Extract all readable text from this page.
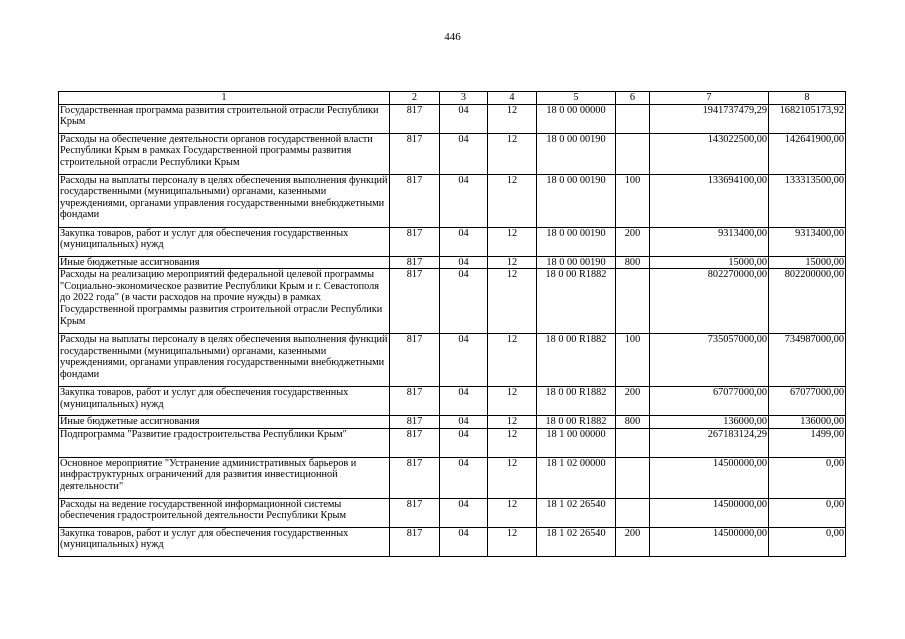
446
1	2	3	4	5	6	7	8
Государственная программа развития строительной отрасли Республики Крым	817	04	12	18 0 00 00000		1941737479,29	1682105173,92
Расходы на обеспечение деятельности органов государственной власти Республики Крым в рамках Государственной программы развития строительной отрасли Республики Крым	817	04	12	18 0 00 00190		143022500,00	142641900,00
Расходы на выплаты персоналу в целях обеспечения выполнения функций государственными (муниципальными) органами, казенными учреждениями, органами управления государственными внебюджетными фондами	817	04	12	18 0 00 00190	100	133694100,00	133313500,00
Закупка товаров, работ и услуг для обеспечения государственных (муниципальных) нужд	817	04	12	18 0 00 00190	200	9313400,00	9313400,00
Иные бюджетные ассигнования	817	04	12	18 0 00 00190	800	15000,00	15000,00
Расходы на реализацию мероприятий федеральной целевой программы "Социально-экономическое развитие Республики Крым и г. Севастополя до 2022 года" (в части расходов на прочие нужды) в рамках Государственной программы развития строительной отрасли Республики Крым	817	04	12	18 0 00 R1882		802270000,00	802200000,00
Расходы на выплаты персоналу в целях обеспечения выполнения функций государственными (муниципальными) органами, казенными учреждениями, органами управления государственными внебюджетными фондами	817	04	12	18 0 00 R1882	100	735057000,00	734987000,00
Закупка товаров, работ и услуг для обеспечения государственных (муниципальных) нужд	817	04	12	18 0 00 R1882	200	67077000,00	67077000,00
Иные бюджетные ассигнования	817	04	12	18 0 00 R1882	800	136000,00	136000,00
Подпрограмма "Развитие градостроительства Республики Крым"	817	04	12	18 1 00 00000		267183124,29	1499,00
Основное мероприятие "Устранение административных барьеров и инфраструктурных ограничений для развития инвестиционной деятельности"	817	04	12	18 1 02 00000		14500000,00	0,00
Расходы на ведение государственной информационной системы обеспечения градостроительной деятельности Республики Крым	817	04	12	18 1 02 26540		14500000,00	0,00
Закупка товаров, работ и услуг для обеспечения государственных (муниципальных) нужд	817	04	12	18 1 02 26540	200	14500000,00	0,00
